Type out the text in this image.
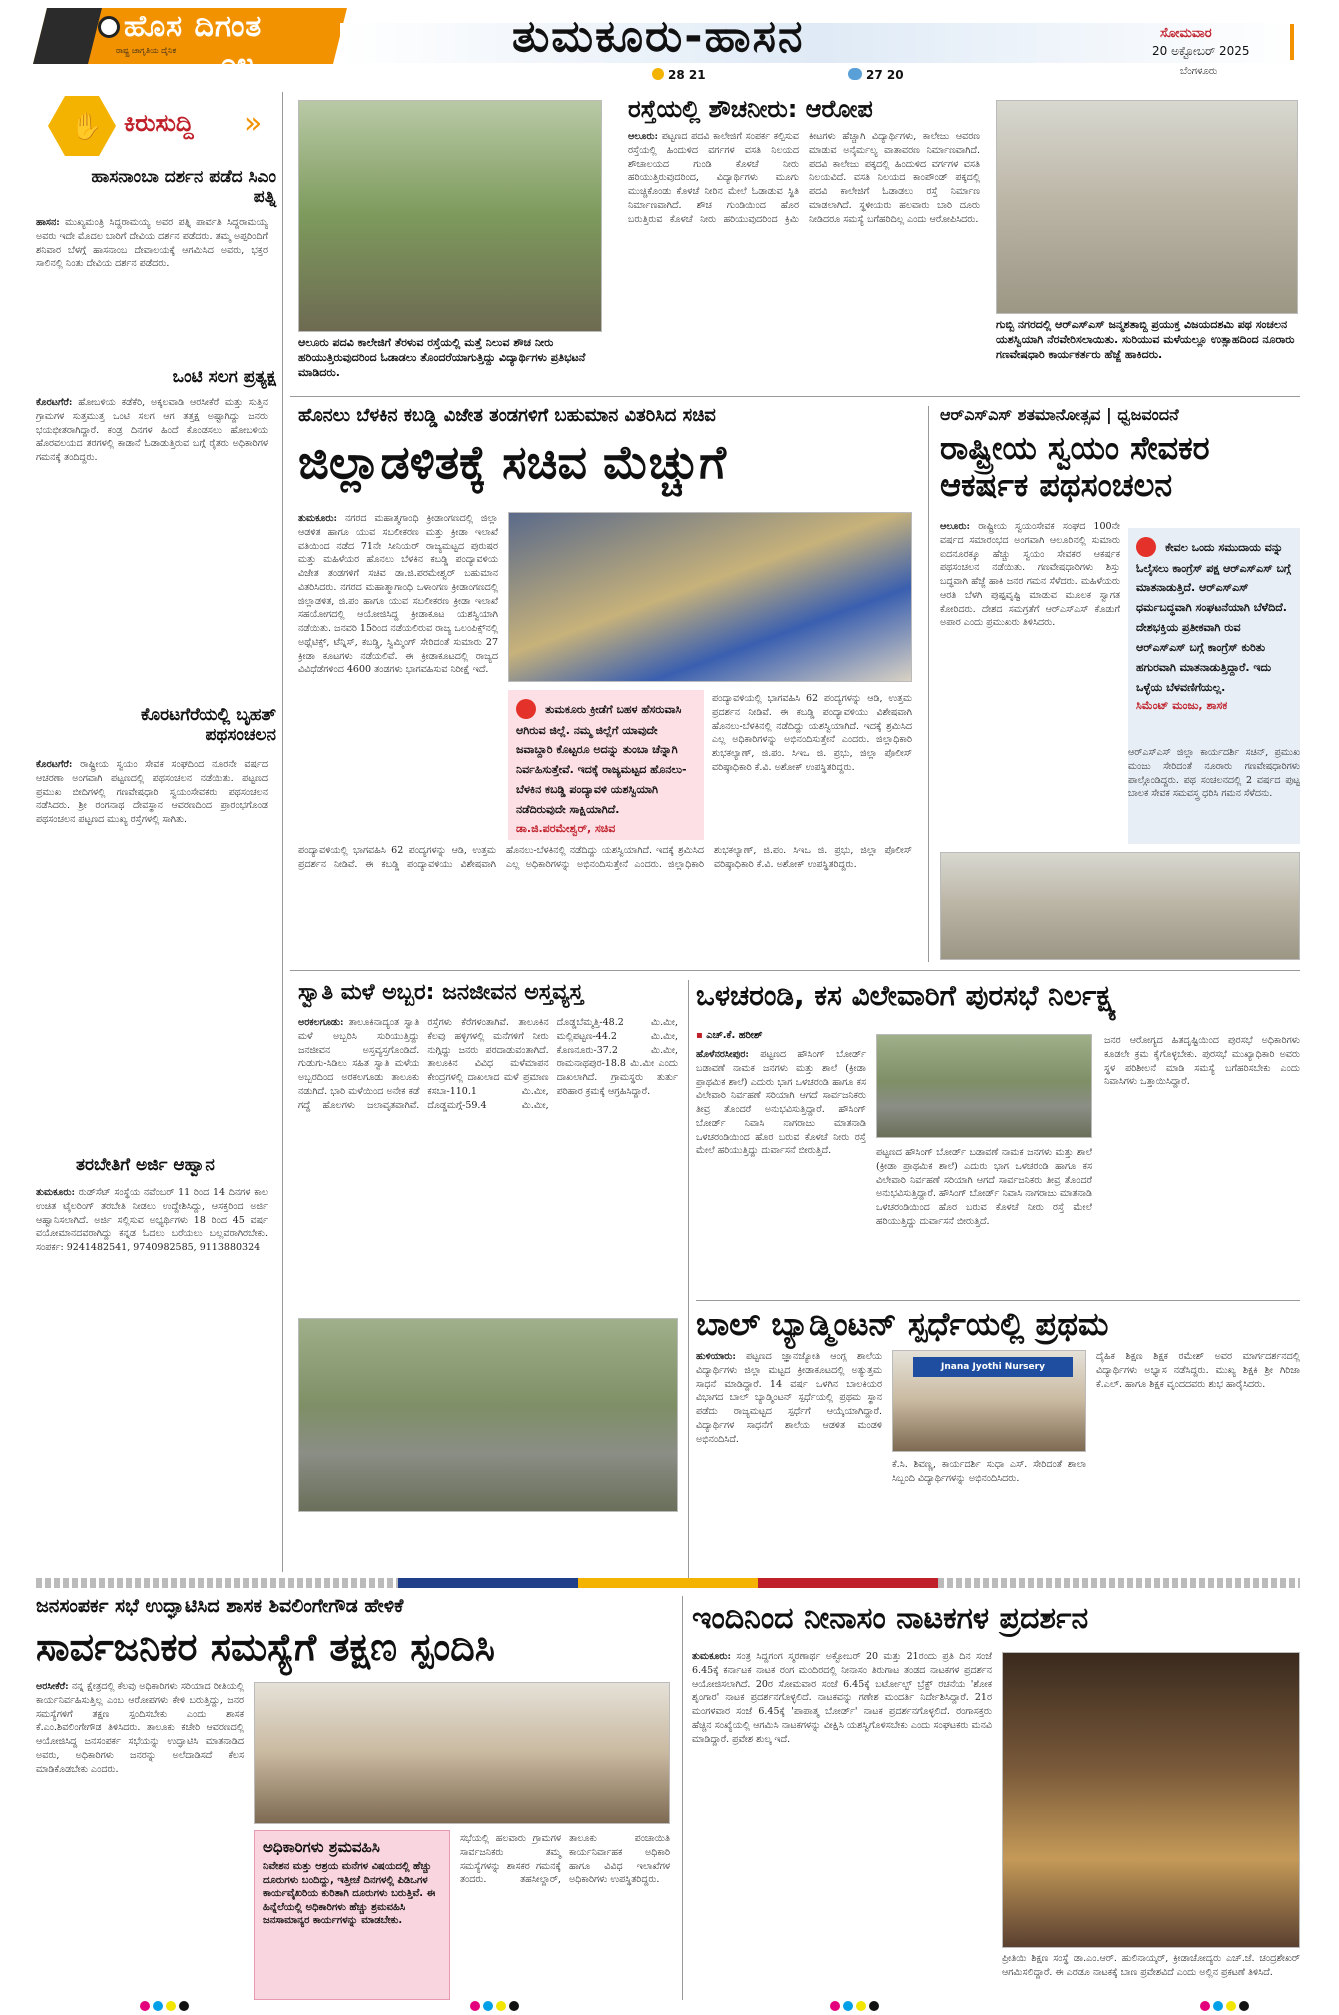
ಹೊಸ ದಿಗಂತ
ರಾಷ್ಟ್ರ ಜಾಗೃತಿಯ ದೈನಿಕ ೦೪
ತುಮಕೂರು-ಹಾಸನ
28 21	27 20
ಸೋಮವಾರ
20 ಅಕ್ಟೋಬರ್ 2025
ಬೆಂಗಳೂರು
✋ ಕಿರುಸುದ್ದಿ »
ಹಾಸನಾಂಬಾ ದರ್ಶನ ಪಡೆದ ಸಿಎಂ ಪತ್ನಿ
ಹಾಸನ: ಮುಖ್ಯಮಂತ್ರಿ ಸಿದ್ದರಾಮಯ್ಯ ಅವರ ಪತ್ನಿ ಪಾರ್ವತಿ ಸಿದ್ದರಾಮಯ್ಯ ಅವರು ಇದೇ ಮೊದಲ ಬಾರಿಗೆ ದೇವಿಯ ದರ್ಶನ ಪಡೆದರು. ತಮ್ಮ ಅಪ್ಪರಿಂದಿಗೆ ಶನಿವಾರ ಬೆಳಗ್ಗೆ ಹಾಸನಾಂಬ ದೇವಾಲಯಕ್ಕೆ ಆಗಮಿಸಿದ ಅವರು, ಭಕ್ತರ ಸಾಲಿನಲ್ಲಿ ನಿಂತು ದೇವಿಯ ದರ್ಶನ ಪಡೆದರು.
ಒಂಟಿ ಸಲಗ ಪ್ರತ್ಯಕ್ಷ
ಕೊರಟಗೆರೆ: ಹೋಬಳಿಯ ಕಡೆಕೆರಿ, ಅಕ್ಕಲವಾಡಿ ಆರಸೀಕೆರೆ ಮತ್ತು ಸುತ್ತಿನ ಗ್ರಾಮಗಳ ಸುತ್ತಮುತ್ತ ಒಂಟಿ ಸಲಗ ಆಗ ತತ್ತಕ್ಷ ಅಷ್ಟಾಗಿದ್ದು ಜನರು ಭಯಭೀತರಾಗಿದ್ದಾರೆ. ಕಂಡ್ರ ದಿನಗಳ ಹಿಂದೆ ಕೊಂಡಸಲು ಹೋಬಳಿಯ ಹೊರವಲಯದ ತರಗಳಲ್ಲಿ ಕಾಡಾನೆ ಓಡಾಡುತ್ತಿರುವ ಬಗ್ಗೆ ರೈತರು ಅಧಿಕಾರಿಗಳ ಗಮನಕ್ಕೆ ತಂದಿದ್ದರು.
ಕೊರಟಗೆರೆಯಲ್ಲಿ ಬೃಹತ್ ಪಥಸಂಚಲನ
ಕೊರಟಗೆರೆ: ರಾಷ್ಟ್ರೀಯ ಸ್ವಯಂ ಸೇವಕ ಸಂಘದಿಂದ ನೂರನೇ ವರ್ಷದ ಆಚರಣಾ ಅಂಗವಾಗಿ ಪಟ್ಟಣದಲ್ಲಿ ಪಥಸಂಚಲನ ನಡೆಯಿತು. ಪಟ್ಟಣದ ಪ್ರಮುಖ ಬೀದಿಗಳಲ್ಲಿ ಗಣವೇಷಧಾರಿ ಸ್ವಯಂಸೇವಕರು ಪಥಸಂಚಲನ ನಡೆಸಿದರು. ಶ್ರೀ ರಂಗನಾಥ ದೇವಸ್ಥಾನ ಆವರಣದಿಂದ ಪ್ರಾರಂಭಗೊಂಡ ಪಥಸಂಚಲನ ಪಟ್ಟಣದ ಮುಖ್ಯ ರಸ್ತೆಗಳಲ್ಲಿ ಸಾಗಿತು.
ತರಬೇತಿಗೆ ಅರ್ಜಿ ಆಹ್ವಾನ
ತುಮಕೂರು: ರುಡ್‌ಸೆಟ್ ಸಂಸ್ಥೆಯ ನವೆಂಬರ್ 11 ರಿಂದ 14 ದಿನಗಳ ಕಾಲ ಉಚಿತ ಟೈಲರಿಂಗ್ ತರಬೇತಿ ನೀಡಲು ಉದ್ದೇಶಿಸಿದ್ದು, ಆಸಕ್ತರಿಂದ ಅರ್ಜಿ ಆಹ್ವಾನಿಸಲಾಗಿದೆ. ಅರ್ಜಿ ಸಲ್ಲಿಸುವ ಅಭ್ಯರ್ಥಿಗಳು 18 ರಿಂದ 45 ವರ್ಷ ವಯೋಮಾನದವರಾಗಿದ್ದು ಕನ್ನಡ ಓದಲು ಬರೆಯಲು ಬಲ್ಲವರಾಗಿರಬೇಕು. ಸಂಪರ್ಕ: 9241482541, 9740982585, 9113880324
ಆಲೂರು ಪದವಿ ಕಾಲೇಜಿಗೆ ತೆರಳುವ ರಸ್ತೆಯಲ್ಲಿ ಮತ್ತೆ ನಿಲುವ ಶೌಚ ನೀರು ಹರಿಯುತ್ತಿರುವುದರಿಂದ ಓಡಾಡಲು ತೊಂದರೆಯಾಗುತ್ತಿದ್ದು ವಿದ್ಯಾರ್ಥಿಗಳು ಪ್ರತಿಭಟನೆ ಮಾಡಿದರು.
ರಸ್ತೆಯಲ್ಲಿ ಶೌಚನೀರು: ಆರೋಪ
ಆಲೂರು: ಪಟ್ಟಣದ ಪದವಿ ಕಾಲೇಜಿಗೆ ಸಂಪರ್ಕ ಕಲ್ಪಿಸುವ ರಸ್ತೆಯಲ್ಲಿ ಹಿಂದುಳಿದ ವರ್ಗಗಳ ವಸತಿ ನಿಲಯದ ಶೌಚಾಲಯದ ಗುಂಡಿ ಕೊಳಚೆ ನೀರು ಹರಿಯುತ್ತಿರುವುದರಿಂದ, ವಿದ್ಯಾರ್ಥಿಗಳು ಮೂಗು ಮುಚ್ಚಿಕೊಂಡು ಕೊಳಚೆ ನೀರಿನ ಮೇಲೆ ಓಡಾಡುವ ಸ್ಥಿತಿ ನಿರ್ಮಾಣವಾಗಿದೆ. ಶೌಚ ಗುಂಡಿಯಿಂದ ಹೊರ ಬರುತ್ತಿರುವ ಕೊಳಚೆ ನೀರು ಹರಿಯುವುದರಿಂದ ಕ್ರಿಮಿ ಕೀಟಗಳು ಹೆಚ್ಚಾಗಿ ವಿದ್ಯಾರ್ಥಿಗಳು, ಕಾಲೇಜು ಆವರಣ ಮಾಡುವ ಅನೈರ್ಮಲ್ಯ ವಾತಾವರಣ ನಿರ್ಮಾಣವಾಗಿದೆ. ಪದವಿ ಕಾಲೇಜು ಪಕ್ಕದಲ್ಲಿ ಹಿಂದುಳಿದ ವರ್ಗಗಳ ವಸತಿ ನಿಲಯವಿದೆ. ವಸತಿ ನಿಲಯದ ಕಾಂಪೌಂಡ್ ಪಕ್ಕದಲ್ಲಿ ಪದವಿ ಕಾಲೇಜಿಗೆ ಓಡಾಡಲು ರಸ್ತೆ ನಿರ್ಮಾಣ ಮಾಡಲಾಗಿದೆ. ಸ್ಥಳೀಯರು ಹಲವಾರು ಬಾರಿ ದೂರು ನೀಡಿದರೂ ಸಮಸ್ಯೆ ಬಗೆಹರಿದಿಲ್ಲ ಎಂದು ಆರೋಪಿಸಿದರು.
ಗುಬ್ಬಿ ನಗರದಲ್ಲಿ ಆರ್‌ಎಸ್‌ಎಸ್ ಜನ್ಮಶತಾಬ್ದಿ ಪ್ರಯುಕ್ತ ವಿಜಯದಶಮಿ ಪಥ ಸಂಚಲನ ಯಶಸ್ವಿಯಾಗಿ ನೆರವೇರಿಸಲಾಯಿತು. ಸುರಿಯುವ ಮಳೆಯಲ್ಲೂ ಉತ್ಸಾಹದಿಂದ ನೂರಾರು ಗಣವೇಷಧಾರಿ ಕಾರ್ಯಕರ್ತರು ಹೆಜ್ಜೆ ಹಾಕಿದರು.
ಹೊನಲು ಬೆಳಕಿನ ಕಬಡ್ಡಿ ವಿಜೇತ ತಂಡಗಳಿಗೆ ಬಹುಮಾನ ವಿತರಿಸಿದ ಸಚಿವ
ಜಿಲ್ಲಾಡಳಿತಕ್ಕೆ ಸಚಿವ ಮೆಚ್ಚುಗೆ
ತುಮಕೂರು: ನಗರದ ಮಹಾತ್ಮಗಾಂಧಿ ಕ್ರೀಡಾಂಗಣದಲ್ಲಿ ಜಿಲ್ಲಾ ಆಡಳಿತ ಹಾಗೂ ಯುವ ಸಬಲೀಕರಣ ಮತ್ತು ಕ್ರೀಡಾ ಇಲಾಖೆ ವತಿಯಿಂದ ನಡೆದ 71ನೇ ಸೀನಿಯರ್ ರಾಜ್ಯಮಟ್ಟದ ಪುರುಷರ ಮತ್ತು ಮಹಿಳೆಯರ ಹೊನಲು ಬೆಳಕಿನ ಕಬಡ್ಡಿ ಪಂದ್ಯಾವಳಿಯ ವಿಜೇತ ತಂಡಗಳಿಗೆ ಸಚಿವ ಡಾ.ಜಿ.ಪರಮೇಶ್ವರ್ ಬಹುಮಾನ ವಿತರಿಸಿದರು. ನಗರದ ಮಹಾತ್ಮಾಗಾಂಧಿ ಒಳಾಂಗಣ ಕ್ರೀಡಾಂಗಣದಲ್ಲಿ ಜಿಲ್ಲಾಡಳಿತ, ಜಿ.ಪಂ ಹಾಗೂ ಯುವ ಸಬಲೀಕರಣ ಕ್ರೀಡಾ ಇಲಾಖೆ ಸಹಯೋಗದಲ್ಲಿ ಆಯೋಜಿಸಿದ್ದ ಕ್ರೀಡಾಕೂಟ ಯಶಸ್ವಿಯಾಗಿ ನಡೆಯಿತು. ಜನವರಿ 15ರಿಂದ ನಡೆಯಲಿರುವ ರಾಜ್ಯ ಒಲಂಪಿಕ್ಸ್‌ನಲ್ಲಿ ಅಥ್ಲೆಟಿಕ್ಸ್, ಟೆನ್ನಿಸ್, ಕಬಡ್ಡಿ, ಸ್ವಿಮ್ಮಿಂಗ್ ಸೇರಿದಂತೆ ಸುಮಾರು 27 ಕ್ರೀಡಾ ಕೂಟಗಳು ನಡೆಯಲಿವೆ. ಈ ಕ್ರೀಡಾಕೂಟದಲ್ಲಿ ರಾಜ್ಯದ ವಿವಿಧೆಡೆಗಳಿಂದ 4600 ತಂಡಗಳು ಭಾಗವಹಿಸುವ ನಿರೀಕ್ಷೆ ಇದೆ.
ತುಮಕೂರು ಕ್ರೀಡೆಗೆ ಬಹಳ ಹೆಸರುವಾಸಿ ಆಗಿರುವ ಜಿಲ್ಲೆ. ನಮ್ಮ ಜಿಲ್ಲೆಗೆ ಯಾವುದೇ ಜವಾಬ್ದಾರಿ ಕೊಟ್ಟರೂ ಅದನ್ನು ತುಂಬಾ ಚೆನ್ನಾಗಿ ನಿರ್ವಹಿಸುತ್ತೇವೆ. ಇದಕ್ಕೆ ರಾಜ್ಯಮಟ್ಟದ ಹೊನಲು-ಬೆಳಕಿನ ಕಬಡ್ಡಿ ಪಂದ್ಯಾವಳಿ ಯಶಸ್ವಿಯಾಗಿ ನಡೆದಿರುವುದೇ ಸಾಕ್ಷಿಯಾಗಿದೆ.
ಡಾ.ಜಿ.ಪರಮೇಶ್ವರ್, ಸಚಿವ
ಪಂದ್ಯಾವಳಿಯಲ್ಲಿ ಭಾಗವಹಿಸಿ 62 ಪಂದ್ಯಗಳನ್ನು ಆಡಿ, ಉತ್ತಮ ಪ್ರದರ್ಶನ ನೀಡಿವೆ. ಈ ಕಬಡ್ಡಿ ಪಂದ್ಯಾವಳಿಯು ವಿಶೇಷವಾಗಿ ಹೊನಲು-ಬೆಳಕಿನಲ್ಲಿ ನಡೆದಿದ್ದು ಯಶಸ್ವಿಯಾಗಿದೆ. ಇದಕ್ಕೆ ಶ್ರಮಿಸಿದ ಎಲ್ಲ ಅಧಿಕಾರಿಗಳನ್ನು ಅಭಿನಂದಿಸುತ್ತೇನೆ ಎಂದರು. ಜಿಲ್ಲಾಧಿಕಾರಿ ಶುಭಕಲ್ಯಾಣ್, ಜಿ.ಪಂ. ಸಿಇಒ ಜಿ. ಪ್ರಭು, ಜಿಲ್ಲಾ ಪೊಲೀಸ್ ವರಿಷ್ಠಾಧಿಕಾರಿ ಕೆ.ವಿ. ಅಶೋಕ್ ಉಪಸ್ಥಿತರಿದ್ದರು.
ಪಂದ್ಯಾವಳಿಯಲ್ಲಿ ಭಾಗವಹಿಸಿ 62 ಪಂದ್ಯಗಳನ್ನು ಆಡಿ, ಉತ್ತಮ ಪ್ರದರ್ಶನ ನೀಡಿವೆ. ಈ ಕಬಡ್ಡಿ ಪಂದ್ಯಾವಳಿಯು ವಿಶೇಷವಾಗಿ ಹೊನಲು-ಬೆಳಕಿನಲ್ಲಿ ನಡೆದಿದ್ದು ಯಶಸ್ವಿಯಾಗಿದೆ. ಇದಕ್ಕೆ ಶ್ರಮಿಸಿದ ಎಲ್ಲ ಅಧಿಕಾರಿಗಳನ್ನು ಅಭಿನಂದಿಸುತ್ತೇನೆ ಎಂದರು. ಜಿಲ್ಲಾಧಿಕಾರಿ ಶುಭಕಲ್ಯಾಣ್, ಜಿ.ಪಂ. ಸಿಇಒ ಜಿ. ಪ್ರಭು, ಜಿಲ್ಲಾ ಪೊಲೀಸ್ ವರಿಷ್ಠಾಧಿಕಾರಿ ಕೆ.ವಿ. ಅಶೋಕ್ ಉಪಸ್ಥಿತರಿದ್ದರು.
ಆರ್‌ಎಸ್‌ಎಸ್ ಶತಮಾನೋತ್ಸವ | ಧ್ವಜವಂದನೆ
ರಾಷ್ಟ್ರೀಯ ಸ್ವಯಂ ಸೇವಕರ ಆಕರ್ಷಕ ಪಥಸಂಚಲನ
ಆಲೂರು: ರಾಷ್ಟ್ರೀಯ ಸ್ವಯಂಸೇವಕ ಸಂಘದ 100ನೇ ವರ್ಷದ ಸಮಾರಂಭದ ಅಂಗವಾಗಿ ಆಲೂರಿನಲ್ಲಿ ಸುಮಾರು ಐದನೂರಕ್ಕೂ ಹೆಚ್ಚು ಸ್ವಯಂ ಸೇವಕರ ಆಕರ್ಷಕ ಪಥಸಂಚಲನ ನಡೆಯಿತು. ಗಣವೇಷಧಾರಿಗಳು ಶಿಸ್ತು ಬದ್ಧವಾಗಿ ಹೆಜ್ಜೆ ಹಾಕಿ ಜನರ ಗಮನ ಸೆಳೆದರು. ಮಹಿಳೆಯರು ಆರತಿ ಬೆಳಗಿ ಪುಷ್ಪವೃಷ್ಟಿ ಮಾಡುವ ಮೂಲಕ ಸ್ವಾಗತ ಕೋರಿದರು. ದೇಶದ ಸಮಗ್ರತೆಗೆ ಆರ್‌ಎಸ್‌ಎಸ್ ಕೊಡುಗೆ ಅಪಾರ ಎಂದು ಪ್ರಮುಖರು ತಿಳಿಸಿದರು.
ಕೇವಲ ಒಂದು ಸಮುದಾಯ ವನ್ನು ಓಲೈಸಲು ಕಾಂಗ್ರೆಸ್ ಪಕ್ಷ ಆರ್‌ಎಸ್‌ಎಸ್ ಬಗ್ಗೆ ಮಾತನಾಡುತ್ತಿದೆ. ಆರ್‌ಎಸ್‌ಎಸ್ ಧರ್ಮಬದ್ಧವಾಗಿ ಸಂಘಟನೆಯಾಗಿ ಬೆಳೆದಿದೆ. ದೇಶಭಕ್ತಿಯ ಪ್ರತೀಕವಾಗಿ ರುವ ಆರ್‌ಎಸ್‌ಎಸ್ ಬಗ್ಗೆ ಕಾಂಗ್ರೆಸ್ ಕುರಿತು ಹಗುರವಾಗಿ ಮಾತನಾಡುತ್ತಿದ್ದಾರೆ. ಇದು ಒಳ್ಳೆಯ ಬೆಳವಣಿಗೆಯಲ್ಲ.
ಸಿಮೆಂಟ್ ಮಂಜು, ಶಾಸಕ
ಆರ್‌ಎಸ್‌ಎಸ್ ಜಿಲ್ಲಾ ಕಾರ್ಯದರ್ಶಿ ಸಚಿನ್, ಪ್ರಮುಖ ಮಂಜು ಸೇರಿದಂತೆ ನೂರಾರು ಗಣವೇಷಧಾರಿಗಳು ಪಾಲ್ಗೊಂಡಿದ್ದರು. ಪಥ ಸಂಚಲನದಲ್ಲಿ 2 ವರ್ಷದ ಪುಟ್ಟ ಬಾಲಕ ಸೇವಕ ಸಮವಸ್ತ್ರ ಧರಿಸಿ ಗಮನ ಸೆಳೆದನು.
ಸ್ವಾತಿ ಮಳೆ ಅಬ್ಬರ: ಜನಜೀವನ ಅಸ್ತವ್ಯಸ್ತ
ಅರಕಲಗೂಡು: ತಾಲೂಕಿನಾದ್ಯಂತ ಸ್ವಾತಿ ಮಳೆ ಅಬ್ಬರಿಸಿ ಸುರಿಯುತ್ತಿದ್ದು ಜನಜೀವನ ಅಸ್ತವ್ಯಸ್ತಗೊಂಡಿದೆ. ಗುಡುಗು-ಸಿಡಿಲು ಸಹಿತ ಸ್ವಾತಿ ಮಳೆಯ ಅಬ್ಬರದಿಂದ ಅರಕಲಗೂಡು ತಾಲೂಕು ನಡುಗಿದೆ. ಭಾರಿ ಮಳೆಯಿಂದ ಅನೇಕ ಕಡೆ ಗದ್ದೆ ಹೊಲಗಳು ಜಲಾವೃತವಾಗಿವೆ. ರಸ್ತೆಗಳು ಕೆರೆಗಳಂತಾಗಿವೆ. ತಾಲೂಕಿನ ಕೆಲವು ಹಳ್ಳಿಗಳಲ್ಲಿ ಮನೆಗಳಿಗೆ ನೀರು ನುಗ್ಗಿದ್ದು ಜನರು ಪರದಾಡುವಂತಾಗಿದೆ. ತಾಲೂಕಿನ ವಿವಿಧ ಮಳೆಮಾಪನ ಕೇಂದ್ರಗಳಲ್ಲಿ ದಾಖಲಾದ ಮಳೆ ಪ್ರಮಾಣ ಕಸಬಾ-110.1 ಮಿ.ಮೀ, ದೊಡ್ಡಮಗ್ಗೆ-59.4 ಮಿ.ಮೀ, ದೊಡ್ಡಬೆಮ್ಮತ್ತಿ-48.2 ಮಿ.ಮೀ, ಮಲ್ಲಿಪಟ್ಟಣ-44.2 ಮಿ.ಮೀ, ಕೊಣನೂರು-37.2 ಮಿ.ಮೀ, ರಾಮನಾಥಪುರ-18.8 ಮಿ.ಮೀ ಎಂದು ದಾಖಲಾಗಿದೆ. ಗ್ರಾಮಸ್ಥರು ತುರ್ತು ಪರಿಹಾರ ಕ್ರಮಕ್ಕೆ ಆಗ್ರಹಿಸಿದ್ದಾರೆ.
ಒಳಚರಂಡಿ, ಕಸ ವಿಲೇವಾರಿಗೆ ಪುರಸಭೆ ನಿರ್ಲಕ್ಷ್ಯ
▪ ಎಚ್.ಕೆ. ಹರೀಶ್
ಹೊಳೆನರಸೀಪುರ: ಪಟ್ಟಣದ ಹೌಸಿಂಗ್ ಬೋರ್ಡ್ ಬಡಾವಣೆ ನಾಮಕ ಜನಗಳು ಮತ್ತು ಶಾಲೆ (ಕ್ರೀಡಾ ಪ್ರಾಥಮಿಕ ಶಾಲೆ) ಎದುರು ಭಾಗ ಒಳಚರಂಡಿ ಹಾಗೂ ಕಸ ವಿಲೇವಾರಿ ನಿರ್ವಹಣೆ ಸರಿಯಾಗಿ ಆಗದೆ ಸಾರ್ವಜನಿಕರು ತೀವ್ರ ತೊಂದರೆ ಅನುಭವಿಸುತ್ತಿದ್ದಾರೆ. ಹೌಸಿಂಗ್ ಬೋರ್ಡ್ ನಿವಾಸಿ ನಾಗರಾಜು ಮಾತನಾಡಿ ಒಳಚರಂಡಿಯಿಂದ ಹೊರ ಬರುವ ಕೊಳಚೆ ನೀರು ರಸ್ತೆ ಮೇಲೆ ಹರಿಯುತ್ತಿದ್ದು ದುರ್ವಾಸನೆ ಬೀರುತ್ತಿದೆ.	ಪಟ್ಟಣದ ಹೌಸಿಂಗ್ ಬೋರ್ಡ್ ಬಡಾವಣೆ ನಾಮಕ ಜನಗಳು ಮತ್ತು ಶಾಲೆ (ಕ್ರೀಡಾ ಪ್ರಾಥಮಿಕ ಶಾಲೆ) ಎದುರು ಭಾಗ ಒಳಚರಂಡಿ ಹಾಗೂ ಕಸ ವಿಲೇವಾರಿ ನಿರ್ವಹಣೆ ಸರಿಯಾಗಿ ಆಗದೆ ಸಾರ್ವಜನಿಕರು ತೀವ್ರ ತೊಂದರೆ ಅನುಭವಿಸುತ್ತಿದ್ದಾರೆ. ಹೌಸಿಂಗ್ ಬೋರ್ಡ್ ನಿವಾಸಿ ನಾಗರಾಜು ಮಾತನಾಡಿ ಒಳಚರಂಡಿಯಿಂದ ಹೊರ ಬರುವ ಕೊಳಚೆ ನೀರು ರಸ್ತೆ ಮೇಲೆ ಹರಿಯುತ್ತಿದ್ದು ದುರ್ವಾಸನೆ ಬೀರುತ್ತಿದೆ.
ಜನರ ಆರೋಗ್ಯದ ಹಿತದೃಷ್ಟಿಯಿಂದ ಪುರಸಭೆ ಅಧಿಕಾರಿಗಳು ಕೂಡಲೇ ಕ್ರಮ ಕೈಗೊಳ್ಳಬೇಕು. ಪುರಸಭೆ ಮುಖ್ಯಾಧಿಕಾರಿ ಅವರು ಸ್ಥಳ ಪರಿಶೀಲನೆ ಮಾಡಿ ಸಮಸ್ಯೆ ಬಗೆಹರಿಸಬೇಕು ಎಂದು ನಿವಾಸಿಗಳು ಒತ್ತಾಯಿಸಿದ್ದಾರೆ.
ಬಾಲ್ ಬ್ಯಾಡ್ಮಿಂಟನ್ ಸ್ಪರ್ಧೆಯಲ್ಲಿ ಪ್ರಥಮ
ಹುಳಿಯಾರು: ಪಟ್ಟಣದ ಜ್ಞಾನಜ್ಯೋತಿ ಆಂಗ್ಲ ಶಾಲೆಯ ವಿದ್ಯಾರ್ಥಿಗಳು ಜಿಲ್ಲಾ ಮಟ್ಟದ ಕ್ರೀಡಾಕೂಟದಲ್ಲಿ ಅತ್ಯುತ್ತಮ ಸಾಧನೆ ಮಾಡಿದ್ದಾರೆ. 14 ವರ್ಷ ಒಳಗಿನ ಬಾಲಕಿಯರ ವಿಭಾಗದ ಬಾಲ್ ಬ್ಯಾಡ್ಮಿಂಟನ್ ಸ್ಪರ್ಧೆಯಲ್ಲಿ ಪ್ರಥಮ ಸ್ಥಾನ ಪಡೆದು ರಾಜ್ಯಮಟ್ಟದ ಸ್ಪರ್ಧೆಗೆ ಆಯ್ಕೆಯಾಗಿದ್ದಾರೆ. ವಿದ್ಯಾರ್ಥಿಗಳ ಸಾಧನೆಗೆ ಶಾಲೆಯ ಆಡಳಿತ ಮಂಡಳಿ ಅಭಿನಂದಿಸಿದೆ.
Jnana Jyothi Nursery
ಕೆ.ಸಿ. ಶಿವಣ್ಣ, ಕಾರ್ಯದರ್ಶಿ ಸುಧಾ ಎಸ್. ಸೇರಿದಂತೆ ಶಾಲಾ ಸಿಬ್ಬಂದಿ ವಿದ್ಯಾರ್ಥಿಗಳನ್ನು ಅಭಿನಂದಿಸಿದರು.
ದೈಹಿಕ ಶಿಕ್ಷಣ ಶಿಕ್ಷಕ ರಮೇಶ್ ಅವರ ಮಾರ್ಗದರ್ಶನದಲ್ಲಿ ವಿದ್ಯಾರ್ಥಿಗಳು ಅಭ್ಯಾಸ ನಡೆಸಿದ್ದರು. ಮುಖ್ಯ ಶಿಕ್ಷಕಿ ಶ್ರೀ ಗಿರಿಜಾ ಕೆ.ಎಲ್. ಹಾಗೂ ಶಿಕ್ಷಕ ವೃಂದದವರು ಶುಭ ಹಾರೈಸಿದರು.
ಜನಸಂಪರ್ಕ ಸಭೆ ಉದ್ಘಾಟಿಸಿದ ಶಾಸಕ ಶಿವಲಿಂಗೇಗೌಡ ಹೇಳಿಕೆ
ಸಾರ್ವಜನಿಕರ ಸಮಸ್ಯೆಗೆ ತಕ್ಷಣ ಸ್ಪಂದಿಸಿ
ಅರಸೀಕೆರೆ: ನನ್ನ ಕ್ಷೇತ್ರದಲ್ಲಿ ಕೆಲವು ಅಧಿಕಾರಿಗಳು ಸರಿಯಾದ ರೀತಿಯಲ್ಲಿ ಕಾರ್ಯನಿರ್ವಹಿಸುತ್ತಿಲ್ಲ ಎಂಬ ಆರೋಪಗಳು ಕೇಳಿ ಬರುತ್ತಿದ್ದು, ಜನರ ಸಮಸ್ಯೆಗಳಿಗೆ ತಕ್ಷಣ ಸ್ಪಂದಿಸಬೇಕು ಎಂದು ಶಾಸಕ ಕೆ.ಎಂ.ಶಿವಲಿಂಗೇಗೌಡ ತಿಳಿಸಿದರು. ತಾಲೂಕು ಕಚೇರಿ ಆವರಣದಲ್ಲಿ ಆಯೋಜಿಸಿದ್ದ ಜನಸಂಪರ್ಕ ಸಭೆಯನ್ನು ಉದ್ಘಾಟಿಸಿ ಮಾತನಾಡಿದ ಅವರು, ಅಧಿಕಾರಿಗಳು ಜನರನ್ನು ಅಲೆದಾಡಿಸದೆ ಕೆಲಸ ಮಾಡಿಕೊಡಬೇಕು ಎಂದರು.
ಅಧಿಕಾರಿಗಳು ಶ್ರಮವಹಿಸಿ
ನಿವೇಶನ ಮತ್ತು ಆಶ್ರಯ ಮನೆಗಳ ವಿಷಯದಲ್ಲಿ ಹೆಚ್ಚು ದೂರುಗಳು ಬಂದಿದ್ದು, ಇತ್ತೀಚೆ ದಿನಗಳಲ್ಲಿ ಪಿಡಿಒಗಳ ಕಾರ್ಯವೈಖರಿಯ ಕುರಿತಾಗಿ ದೂರುಗಳು ಬರುತ್ತಿವೆ. ಈ ಹಿನ್ನೆಲೆಯಲ್ಲಿ ಅಧಿಕಾರಿಗಳು ಹೆಚ್ಚು ಶ್ರಮವಹಿಸಿ ಜನಸಾಮಾನ್ಯರ ಕಾರ್ಯಗಳನ್ನು ಮಾಡಬೇಕು.
ಸಭೆಯಲ್ಲಿ ಹಲವಾರು ಗ್ರಾಮಗಳ ಸಾರ್ವಜನಿಕರು ತಮ್ಮ ಸಮಸ್ಯೆಗಳನ್ನು ಶಾಸಕರ ಗಮನಕ್ಕೆ ತಂದರು. ತಹಸೀಲ್ದಾರ್, ತಾಲೂಕು ಪಂಚಾಯಿತಿ ಕಾರ್ಯನಿರ್ವಾಹಕ ಅಧಿಕಾರಿ ಹಾಗೂ ವಿವಿಧ ಇಲಾಖೆಗಳ ಅಧಿಕಾರಿಗಳು ಉಪಸ್ಥಿತರಿದ್ದರು.
ಇಂದಿನಿಂದ ನೀನಾಸಂ ನಾಟಕಗಳ ಪ್ರದರ್ಶನ
ತುಮಕೂರು: ಸಂತ್ರ ಸಿದ್ದಗಂಗ ಸ್ಮರಣಾರ್ಥ ಅಕ್ಟೋಬರ್ 20 ಮತ್ತು 21ರಂದು ಪ್ರತಿ ದಿನ ಸಂಜೆ 6.45ಕ್ಕೆ ಕರ್ನಾಟಕ ನಾಟಕ ರಂಗ ಮಂದಿರದಲ್ಲಿ ನೀನಾಸಂ ತಿರುಗಾಟ ತಂಡದ ನಾಟಕಗಳ ಪ್ರದರ್ಶನ ಆಯೋಜಿಸಲಾಗಿದೆ. 20ರ ಸೋಮವಾರ ಸಂಜೆ 6.45ಕ್ಕೆ ಬರ್ಟೋಲ್ಟ್ ಬ್ರೆಕ್ಟ್ ರಚನೆಯ 'ಶೋಕ ಶೃಂಗಾರ' ನಾಟಕ ಪ್ರದರ್ಶನಗೊಳ್ಳಲಿದೆ. ನಾಟಕವನ್ನು ಗಣೇಶ ಮಂದರ್ತಿ ನಿರ್ದೇಶಿಸಿದ್ದಾರೆ. 21ರ ಮಂಗಳವಾರ ಸಂಜೆ 6.45ಕ್ಕೆ 'ಪಾಪಾತ್ಮ ಬೋರ್ಡ್' ನಾಟಕ ಪ್ರದರ್ಶನಗೊಳ್ಳಲಿದೆ. ರಂಗಾಸಕ್ತರು ಹೆಚ್ಚಿನ ಸಂಖ್ಯೆಯಲ್ಲಿ ಆಗಮಿಸಿ ನಾಟಕಗಳನ್ನು ವೀಕ್ಷಿಸಿ ಯಶಸ್ವಿಗೊಳಿಸಬೇಕು ಎಂದು ಸಂಘಟಕರು ಮನವಿ ಮಾಡಿದ್ದಾರೆ. ಪ್ರವೇಶ ಶುಲ್ಕ ಇದೆ.
ಪ್ರೀತಿಯಿ ಶಿಕ್ಷಣ ಸಂಸ್ಥೆ ಡಾ.ಎಂ.ಆರ್. ಹುಲಿನಾಯ್ಕರ್, ಕ್ರೀಡಾಚೋದ್ಯರು ಎಚ್.ಜೆ. ಚಂದ್ರಶೇಖರ್ ಆಗಮಿಸಲಿದ್ದಾರೆ. ಈ ಎರಡೂ ನಾಟಕಕ್ಕೆ ಬಾಣ ಪ್ರವೇಶವಿದೆ ಎಂದು ಅಲ್ಲಿನ ಪ್ರಕಟಣೆ ತಿಳಿಸಿದೆ.
